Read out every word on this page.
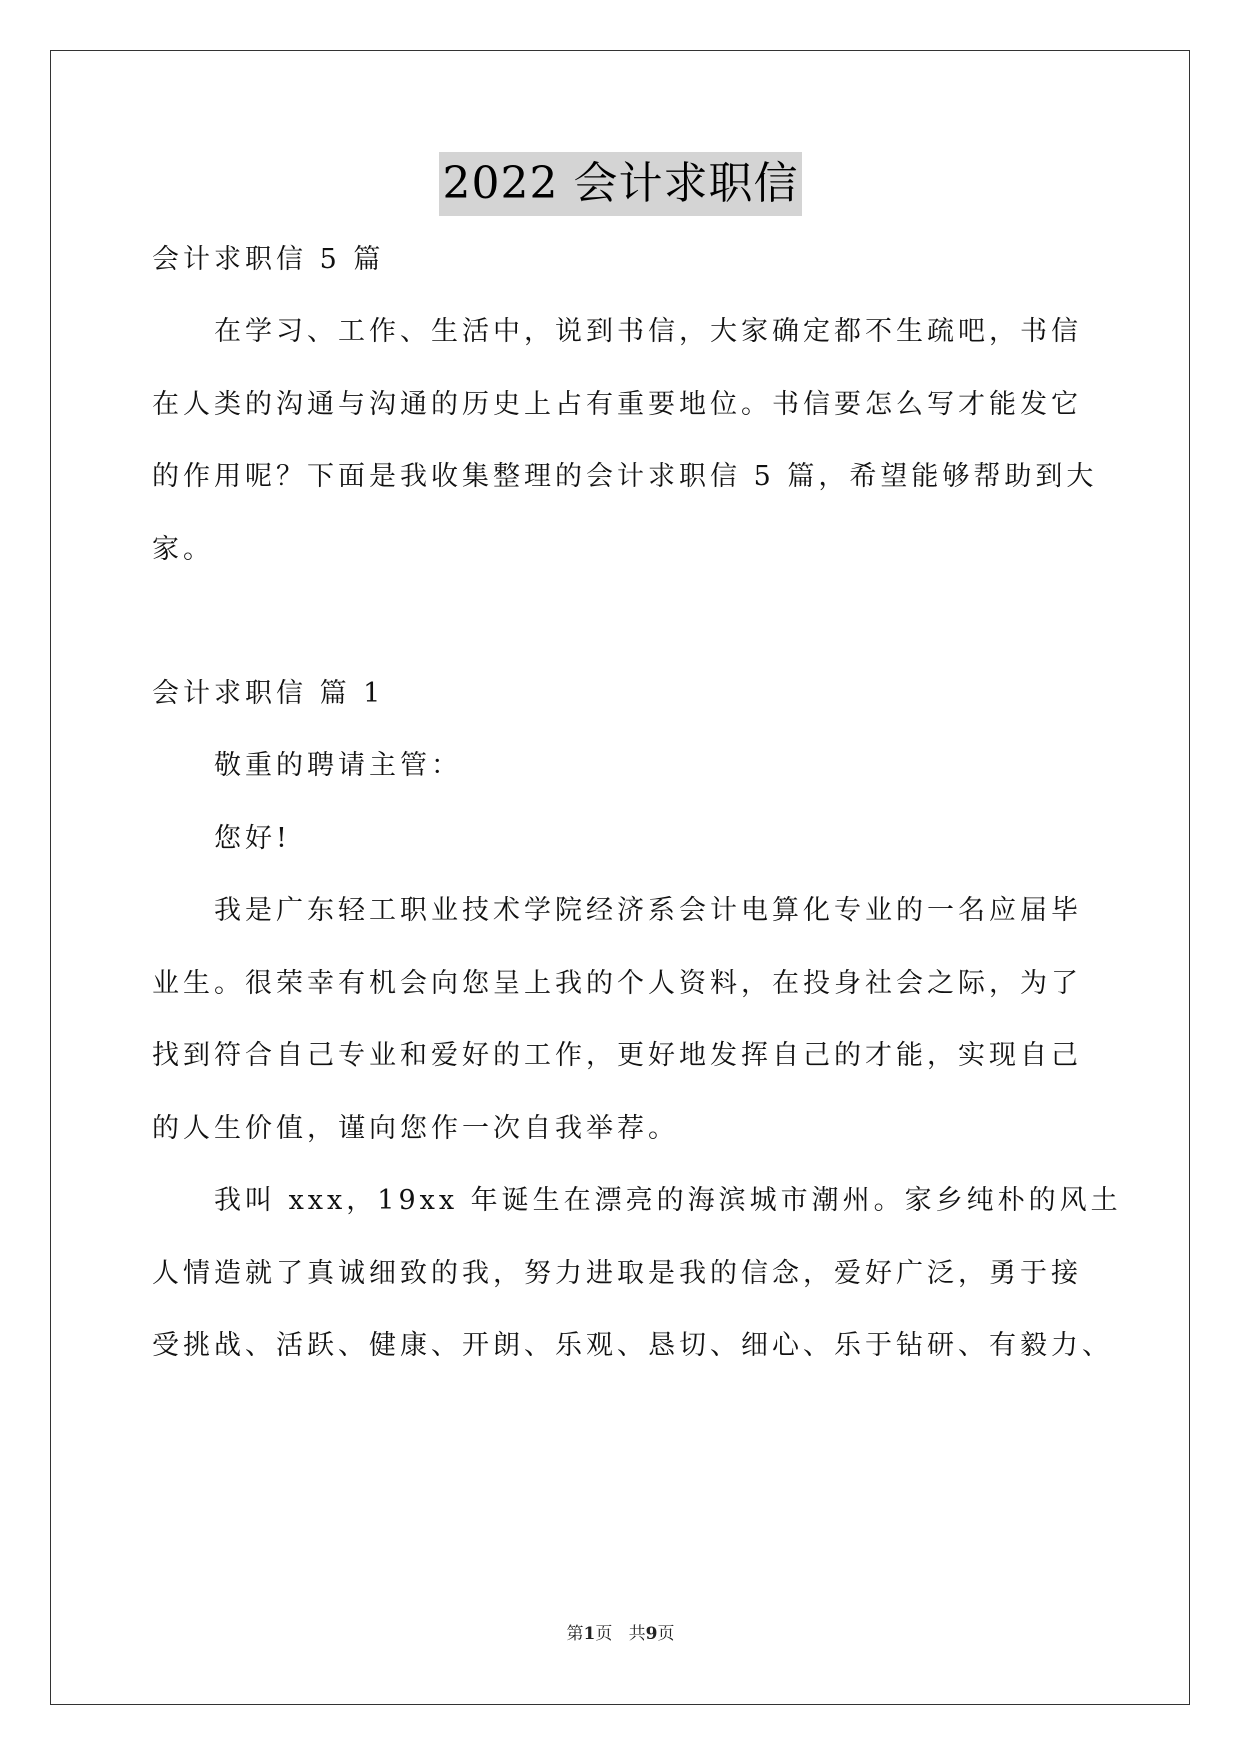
2022 会计求职信
会计求职信 5 篇
在学习、工作、生活中，说到书信，大家确定都不生疏吧，书信
在人类的沟通与沟通的历史上占有重要地位。书信要怎么写才能发它
的作用呢？下面是我收集整理的会计求职信 5 篇，希望能够帮助到大
家。
会计求职信 篇 1
敬重的聘请主管：
您好!
我是广东轻工职业技术学院经济系会计电算化专业的一名应届毕
业生。很荣幸有机会向您呈上我的个人资料，在投身社会之际，为了
找到符合自己专业和爱好的工作，更好地发挥自己的才能，实现自己
的人生价值，谨向您作一次自我举荐。
我叫 xxx，19xx 年诞生在漂亮的海滨城市潮州。家乡纯朴的风土
人情造就了真诚细致的我，努力进取是我的信念，爱好广泛，勇于接
受挑战、活跃、健康、开朗、乐观、恳切、细心、乐于钻研、有毅力、
第1页   共9页
